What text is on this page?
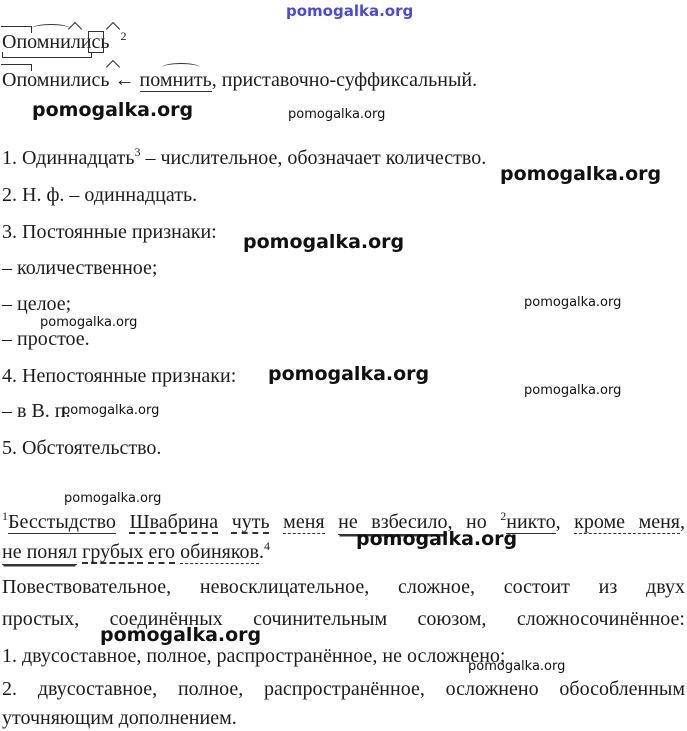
pomogalka.org
Опомнились $^2$
Опомнились ← помнить, приставочно-суффиксальный.
pomogalka.org	pomogalka.org
1. Одиннадцать$^3$ – числительное, обозначает количество.
pomogalka.org
2. Н. ф. – одиннадцать.
3. Постоянные признаки: pomogalka.org
– количественное;
– целое;	pomogalka.org
pomogalka.org
– простое.
4. Непостоянные признаки: pomogalka.org
pomogalka.org
– в В. п.
pomogalka.org
5. Обстоятельство.
pomogalka.org
$^1$Бесстыдство Швабрина чуть меня не взбесило, но $^2$никто, кроме меня,
не понял грубых его обиняков.$^4$	pomogalka.org
Повествовательное, невосклицательное, сложное, состоит из двух
простых, соединённых сочинительным союзом, сложносочинённое:
pomogalka.org
1. двусоставное, полное, распространённое, не осложнено;
pomogalka.org
2. двусоставное, полное, распространённое, осложнено обособленным
уточняющим дополнением.
